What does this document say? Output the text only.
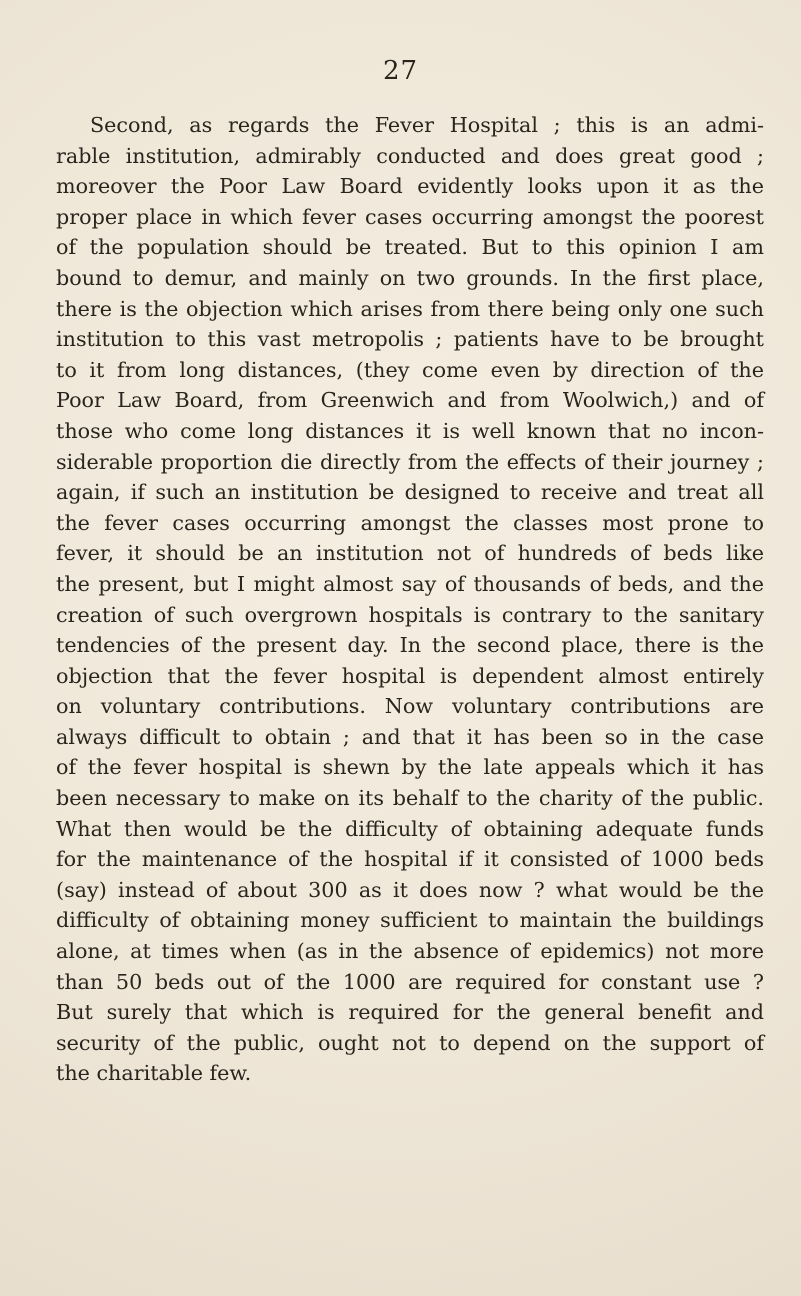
27

Second, as regards the Fever Hospital ; this is an admi-
rable institution, admirably conducted and does great good ;
moreover the Poor Law Board evidently looks upon it as the
proper place in which fever cases occurring amongst the poorest
of the population should be treated. But to this opinion I am
bound to demur, and mainly on two grounds. In the first place,
there is the objection which arises from there being only one such
institution to this vast metropolis ; patients have to be brought
to it from long distances, (they come even by direction of the
Poor Law Board, from Greenwich and from Woolwich,) and of
those who come long distances it is well known that no incon-
siderable proportion die directly from the effects of their journey ;
again, if such an institution be designed to receive and treat all
the fever cases occurring amongst the classes most prone to
fever, it should be an institution not of hundreds of beds like
the present, but I might almost say of thousands of beds, and the
creation of such overgrown hospitals is contrary to the sanitary
tendencies of the present day. In the second place, there is the
objection that the fever hospital is dependent almost entirely
on voluntary contributions. Now voluntary contributions are
always difficult to obtain ; and that it has been so in the case
of the fever hospital is shewn by the late appeals which it has
been necessary to make on its behalf to the charity of the public.
What then would be the difficulty of obtaining adequate funds
for the maintenance of the hospital if it consisted of 1000 beds
(say) instead of about 300 as it does now ? what would be the
difficulty of obtaining money sufficient to maintain the buildings
alone, at times when (as in the absence of epidemics) not more
than 50 beds out of the 1000 are required for constant use ?
But surely that which is required for the general benefit and
security of the public, ought not to depend on the support of
the charitable few.
